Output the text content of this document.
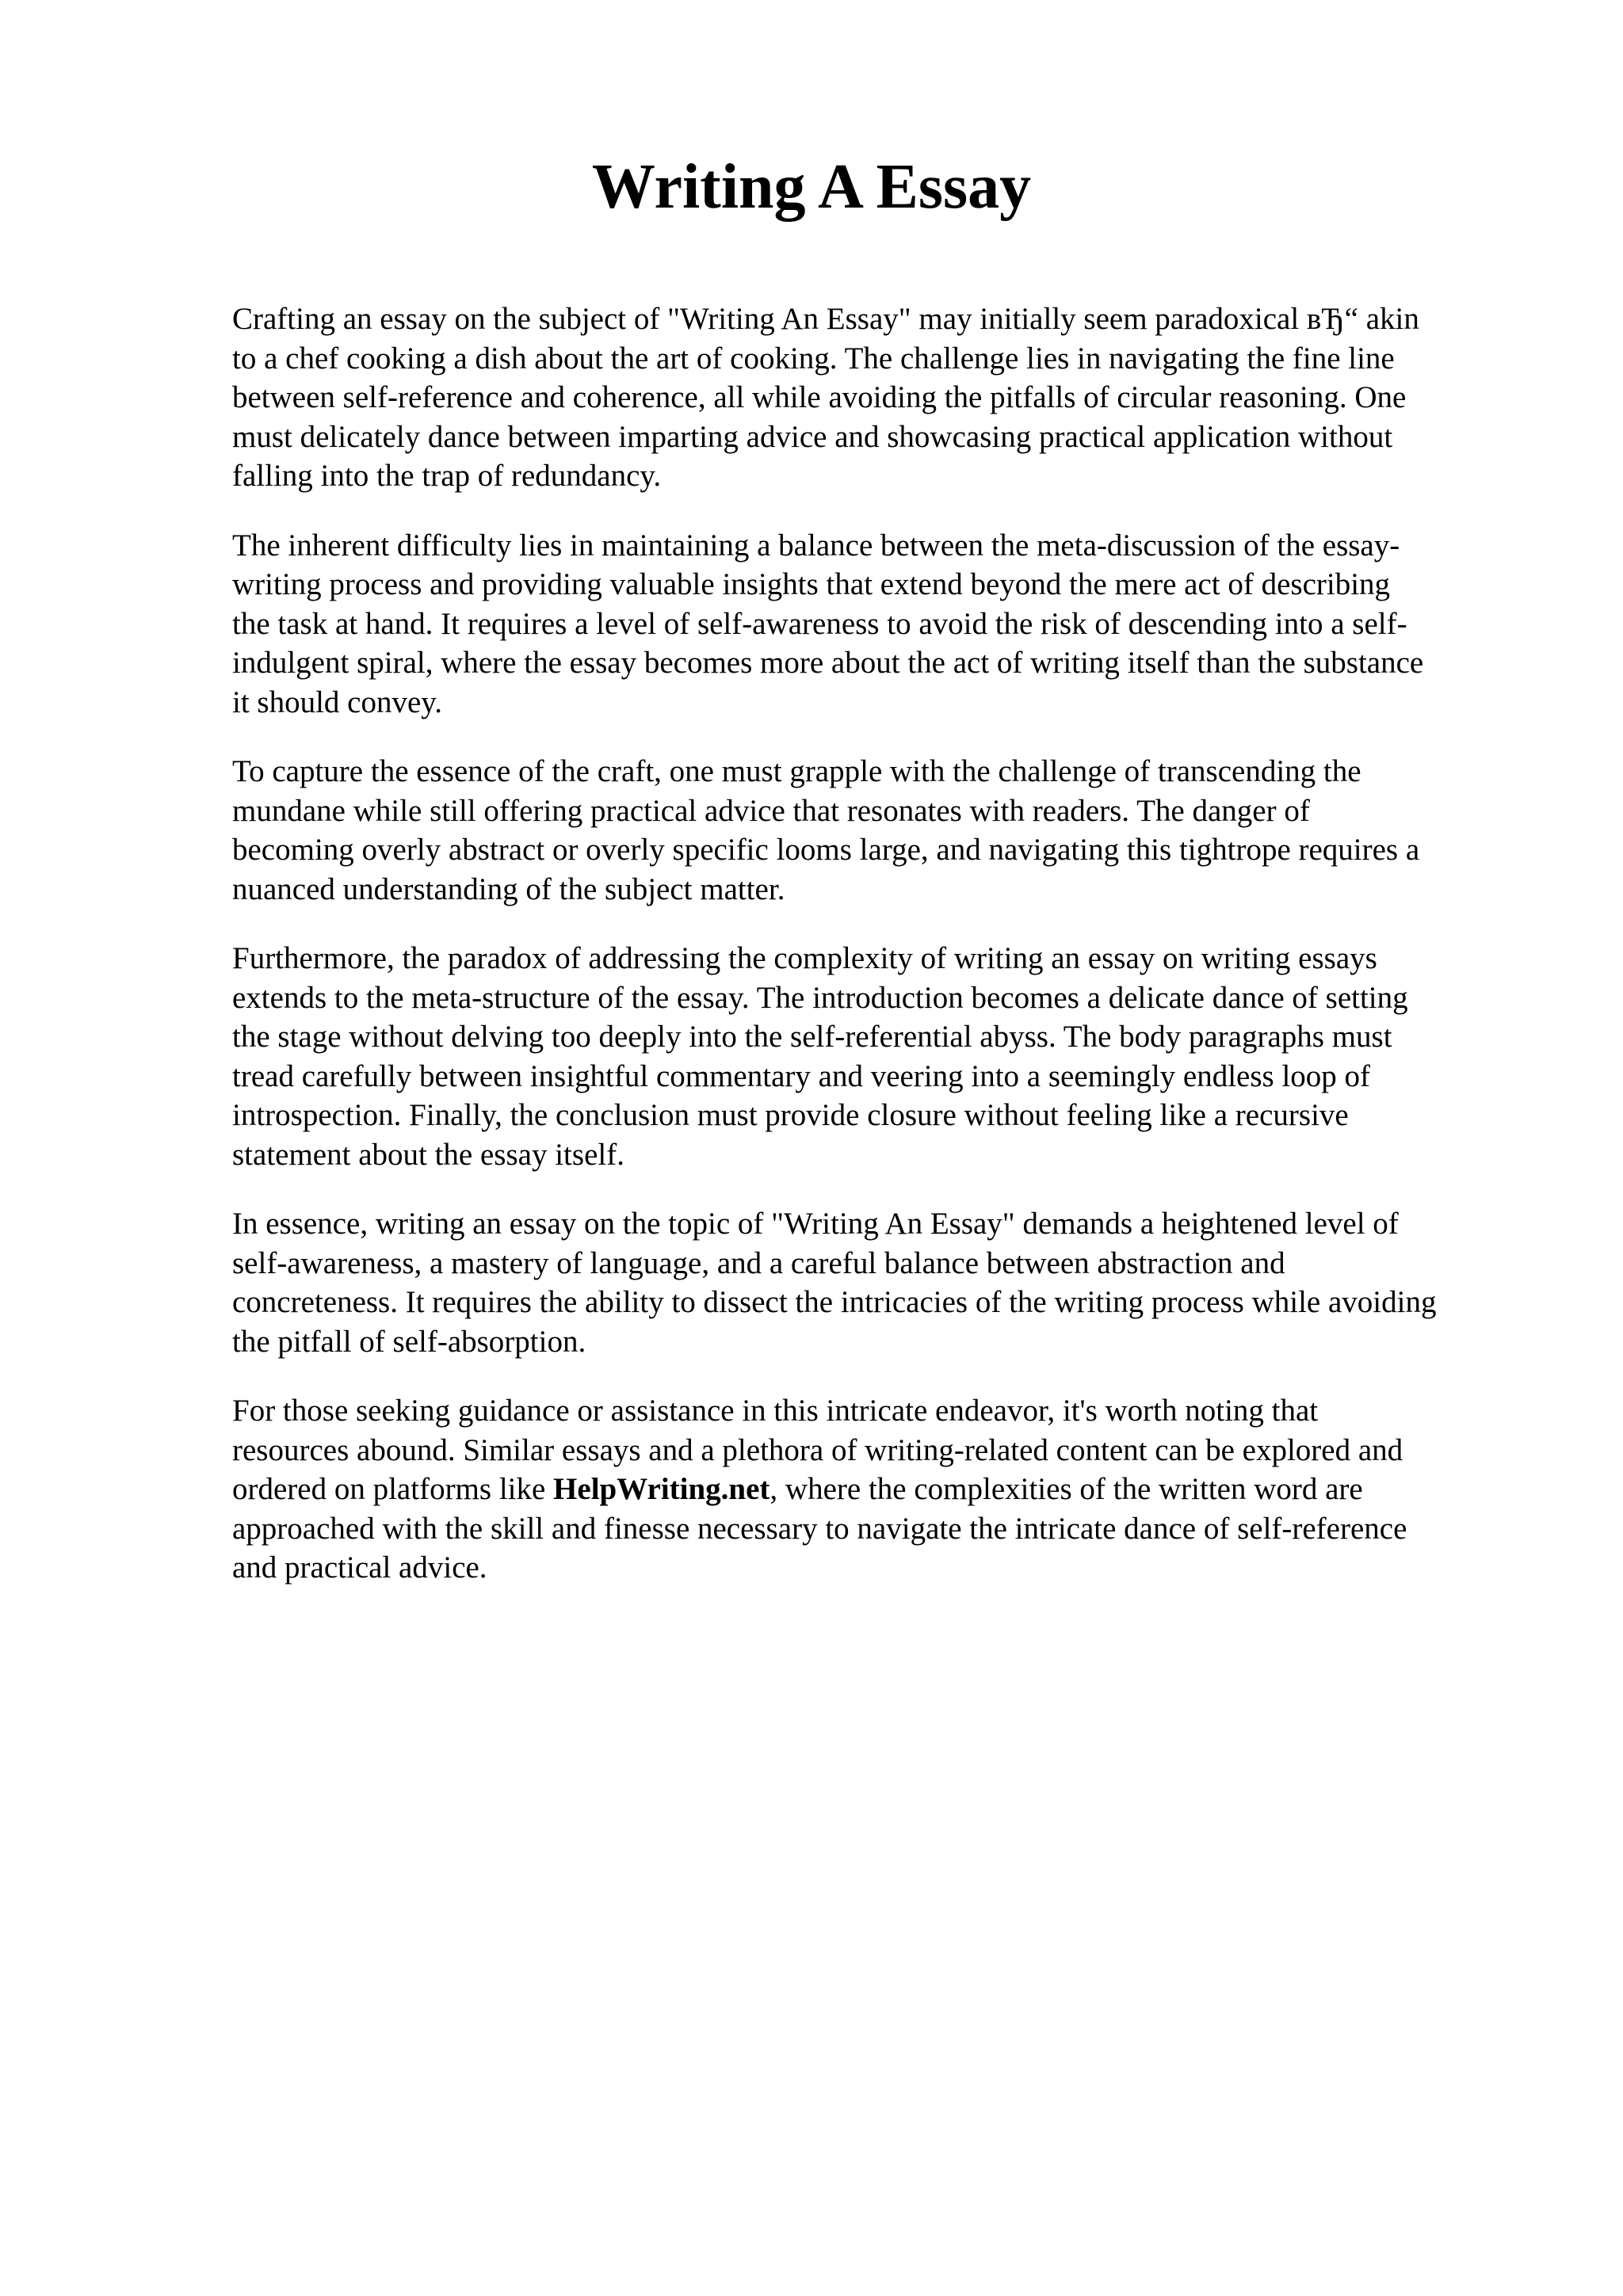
Writing A Essay

Crafting an essay on the subject of "Writing An Essay" may initially seem paradoxical вЂ“ akin
to a chef cooking a dish about the art of cooking. The challenge lies in navigating the fine line
between self-reference and coherence, all while avoiding the pitfalls of circular reasoning. One
must delicately dance between imparting advice and showcasing practical application without
falling into the trap of redundancy.

The inherent difficulty lies in maintaining a balance between the meta-discussion of the essay-
writing process and providing valuable insights that extend beyond the mere act of describing
the task at hand. It requires a level of self-awareness to avoid the risk of descending into a self-
indulgent spiral, where the essay becomes more about the act of writing itself than the substance
it should convey.

To capture the essence of the craft, one must grapple with the challenge of transcending the
mundane while still offering practical advice that resonates with readers. The danger of
becoming overly abstract or overly specific looms large, and navigating this tightrope requires a
nuanced understanding of the subject matter.

Furthermore, the paradox of addressing the complexity of writing an essay on writing essays
extends to the meta-structure of the essay. The introduction becomes a delicate dance of setting
the stage without delving too deeply into the self-referential abyss. The body paragraphs must
tread carefully between insightful commentary and veering into a seemingly endless loop of
introspection. Finally, the conclusion must provide closure without feeling like a recursive
statement about the essay itself.

In essence, writing an essay on the topic of "Writing An Essay" demands a heightened level of
self-awareness, a mastery of language, and a careful balance between abstraction and
concreteness. It requires the ability to dissect the intricacies of the writing process while avoiding
the pitfall of self-absorption.

For those seeking guidance or assistance in this intricate endeavor, it's worth noting that
resources abound. Similar essays and a plethora of writing-related content can be explored and
ordered on platforms like HelpWriting.net, where the complexities of the written word are
approached with the skill and finesse necessary to navigate the intricate dance of self-reference
and practical advice.
